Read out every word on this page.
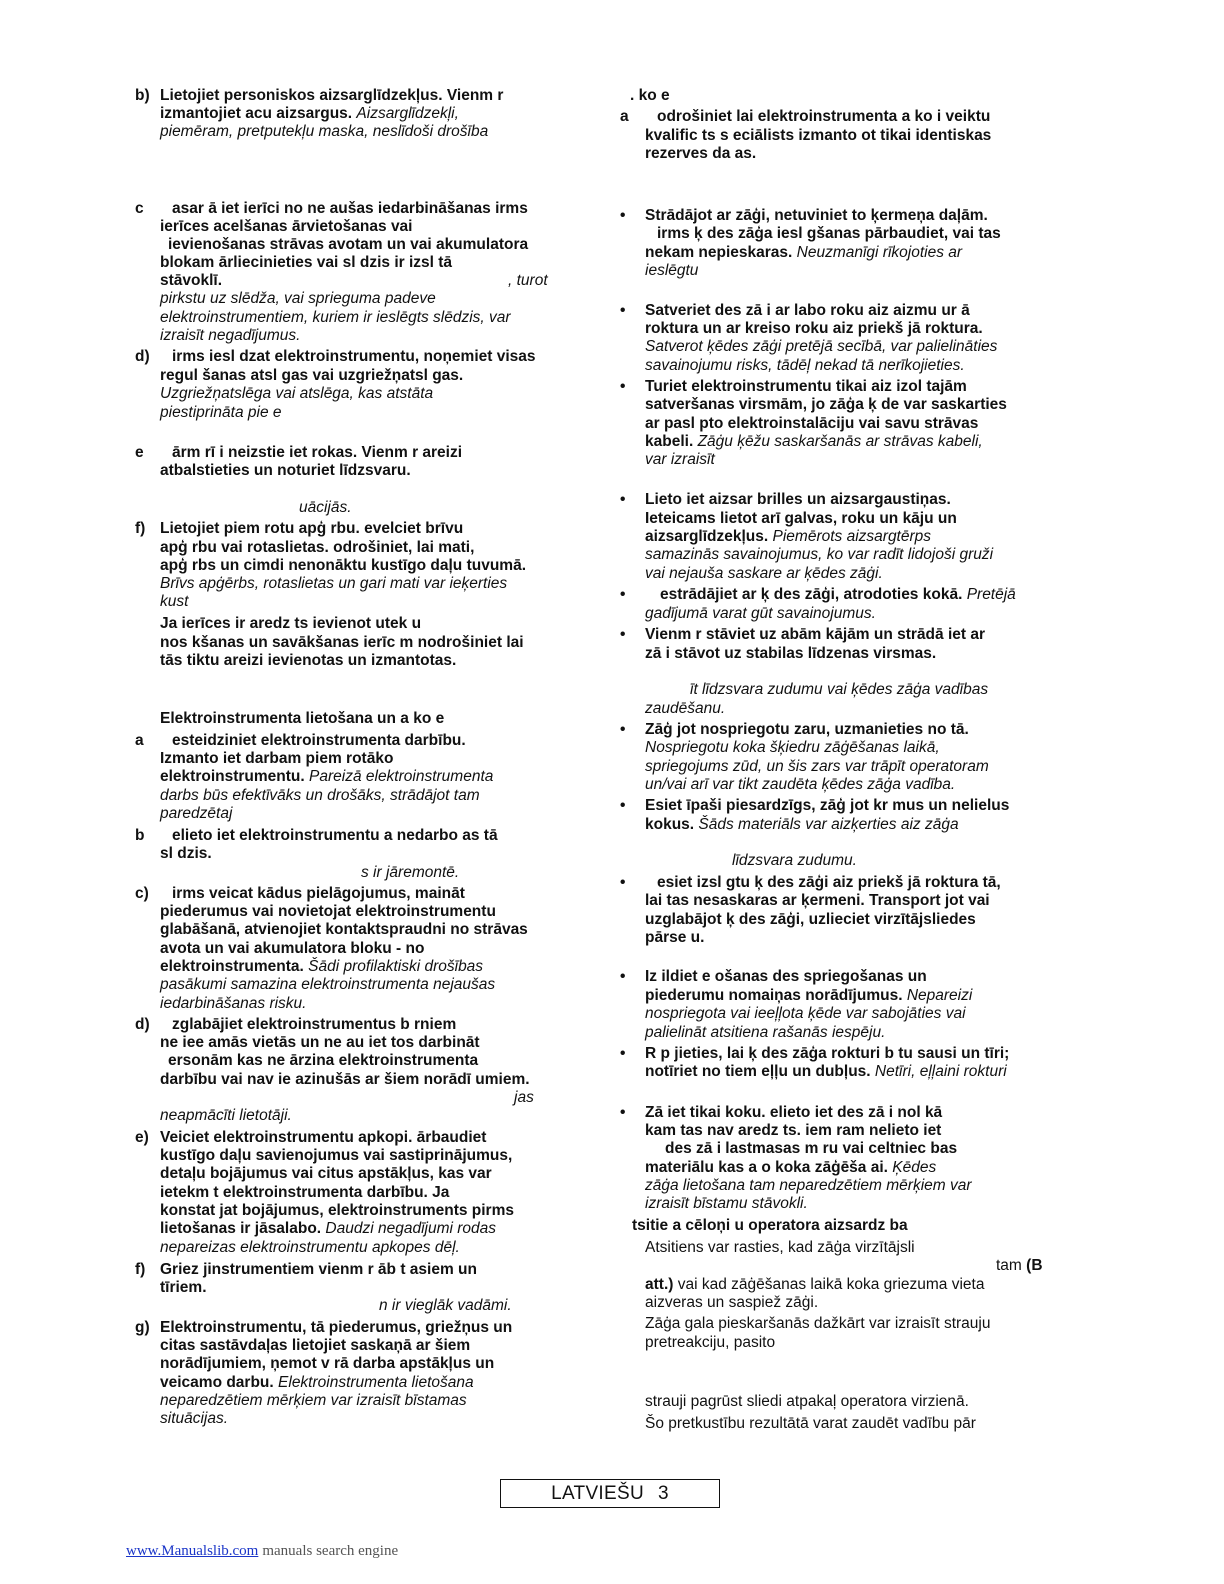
b) Lietojiet personiskos aizsarglīdzekļus. Vienm r
izmantojiet acu aizsargus. Aizsarglīdzekļi,
piemēram, pretputekļu maska, neslīdoši drošība
c asar ā iet ierīci no ne aušas iedarbināšanas irms
ierīces acelšanas ārvietošanas vai
ievienošanas strāvas avotam un vai akumulatora
blokam ārliecinieties vai sl dzis ir izsl tā
stāvoklī.	, turot
pirkstu uz slēdža, vai sprieguma padeve
elektroinstrumentiem, kuriem ir ieslēgts slēdzis, var
izraisīt negadījumus.
d) irms iesl dzat elektroinstrumentu, noņemiet visas
regul šanas atsl gas vai uzgriežņatsl gas.
Uzgriežņatslēga vai atslēga, kas atstāta
piestiprināta pie e
e ārm rī i neizstie iet rokas. Vienm r areizi
atbalstieties un noturiet līdzsvaru.
uācijās.
f) Lietojiet piem rotu apģ rbu. evelciet brīvu
apģ rbu vai rotaslietas. odrošiniet, lai mati,
apģ rbs un cimdi nenonāktu kustīgo daļu tuvumā.
Brīvs apģērbs, rotaslietas un gari mati var ieķerties
kust
Ja ierīces ir aredz ts ievienot utek u
nos kšanas un savākšanas ierīc m nodrošiniet lai
tās tiktu areizi ievienotas un izmantotas.
Elektroinstrumenta lietošana un a ko e
a esteidziniet elektroinstrumenta darbību.
Izmanto iet darbam piem rotāko
elektroinstrumentu. Pareizā elektroinstrumenta
darbs būs efektīvāks un drošāks, strādājot tam
paredzētaj
b elieto iet elektroinstrumentu a nedarbo as tā
sl dzis.
s ir jāremontē.
c) irms veicat kādus pielāgojumus, maināt
piederumus vai novietojat elektroinstrumentu
glabāšanā, atvienojiet kontaktspraudni no strāvas
avota un vai akumulatora bloku - no
elektroinstrumenta. Šādi profilaktiski drošības
pasākumi samazina elektroinstrumenta nejaušas
iedarbināšanas risku.
d) zglabājiet elektroinstrumentus b rniem
ne iee amās vietās un ne au iet tos darbināt
ersonām kas ne ārzina elektroinstrumenta
darbību vai nav ie azinušās ar šiem norādī umiem.
jas
neapmācīti lietotāji.
e) Veiciet elektroinstrumentu apkopi. ārbaudiet
kustīgo daļu savienojumus vai sastiprinājumus,
detaļu bojājumus vai citus apstākļus, kas var
ietekm t elektroinstrumenta darbību. Ja
konstat jat bojājumus, elektroinstruments pirms
lietošanas ir jāsalabo. Daudzi negadījumi rodas
nepareizas elektroinstrumentu apkopes dēļ.
f) Griez jinstrumentiem vienm r āb t asiem un
tīriem.
n ir vieglāk vadāmi.
g) Elektroinstrumentu, tā piederumus, griežņus un
citas sastāvdaļas lietojiet saskaņā ar šiem
norādījumiem, ņemot v rā darba apstākļus un
veicamo darbu. Elektroinstrumenta lietošana
neparedzētiem mērķiem var izraisīt bīstamas
situācijas.
. ko e
a odrošiniet lai elektroinstrumenta a ko i veiktu
kvalific ts s eciālists izmanto ot tikai identiskas
rezerves da as.
• Strādājot ar zāģi, netuviniet to ķermeņa daļām.
irms ķ des zāģa iesl gšanas pārbaudiet, vai tas
nekam nepieskaras. Neuzmanīgi rīkojoties ar
ieslēgtu
• Satveriet des zā i ar labo roku aiz aizmu ur ā
roktura un ar kreiso roku aiz priekš jā roktura.
Satverot ķēdes zāģi pretējā secībā, var palielināties
savainojumu risks, tādēļ nekad tā nerīkojieties.
• Turiet elektroinstrumentu tikai aiz izol tajām
satveršanas virsmām, jo zāģa ķ de var saskarties
ar pasl pto elektroinstalāciju vai savu strāvas
kabeli. Zāģu ķēžu saskaršanās ar strāvas kabeli,
var izraisīt
• Lieto iet aizsar brilles un aizsargaustiņas.
Ieteicams lietot arī galvas, roku un kāju un
aizsarglīdzekļus. Piemērots aizsargtērps
samazinās savainojumus, ko var radīt lidojoši gruži
vai nejauša saskare ar ķēdes zāģi.
• estrādājiet ar ķ des zāģi, atrodoties kokā. Pretējā
gadījumā varat gūt savainojumus.
• Vienm r stāviet uz abām kājām un strādā iet ar
zā i stāvot uz stabilas līdzenas virsmas.
īt līdzsvara zudumu vai ķēdes zāģa vadības
zaudēšanu.
• Zāģ jot nospriegotu zaru, uzmanieties no tā.
Nospriegotu koka šķiedru zāģēšanas laikā,
spriegojums zūd, un šis zars var trāpīt operatoram
un/vai arī var tikt zaudēta ķēdes zāģa vadība.
• Esiet īpaši piesardzīgs, zāģ jot kr mus un nelielus
kokus. Šāds materiāls var aizķerties aiz zāģa
līdzsvara zudumu.
• esiet izsl gtu ķ des zāģi aiz priekš jā roktura tā,
lai tas nesaskaras ar ķermeni. Transport jot vai
uzglabājot ķ des zāģi, uzlieciet virzītājsliedes
pārse u.
• Iz ildiet e ošanas des spriegošanas un
piederumu nomaiņas norādījumus. Nepareizi
nospriegota vai ieeļļota ķēde var sabojāties vai
palielināt atsitiena rašanās iespēju.
• R p jieties, lai ķ des zāģa rokturi b tu sausi un tīri;
notīriet no tiem eļļu un dubļus. Netīri, eļļaini rokturi
• Zā iet tikai koku. elieto iet des zā i nol kā
kam tas nav aredz ts. iem ram nelieto iet
des zā i lastmasas m ru vai celtniec bas
materiālu kas a o koka zāģēša ai. Ķēdes
zāģa lietošana tam neparedzētiem mērķiem var
izraisīt bīstamu stāvokli.
tsitie a cēloņi u operatora aizsardz ba
Atsitiens var rasties, kad zāģa virzītājsli
tam (B
att.) vai kad zāģēšanas laikā koka griezuma vieta
aizveras un saspiež zāģi.
Zāģa gala pieskaršanās dažkārt var izraisīt strauju
pretreakciju, pasito
strauji pagrūst sliedi atpakaļ operatora virzienā.
Šo pretkustību rezultātā varat zaudēt vadību pār
LATVIEŠU 3
www.Manualslib.com manuals search engine
